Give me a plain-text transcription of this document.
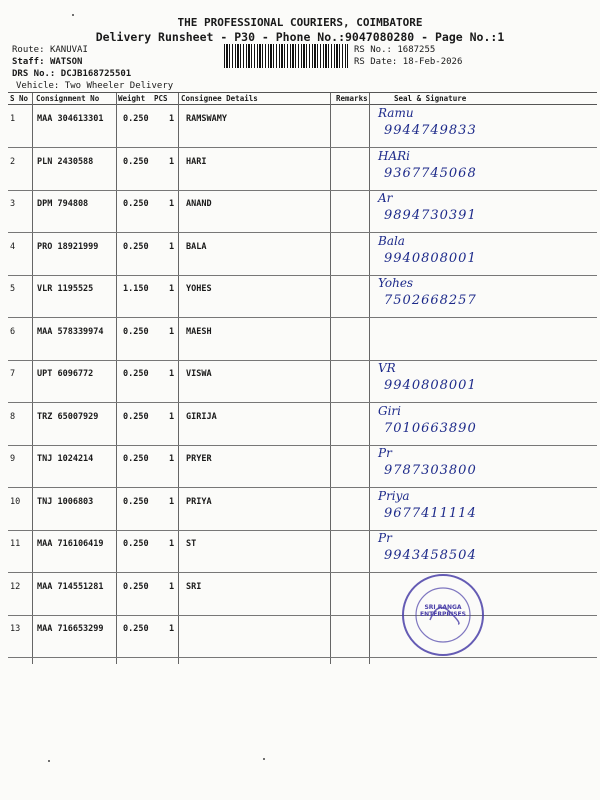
THE PROFESSIONAL COURIERS, COIMBATORE
Delivery Runsheet - P30 - Phone No.:9047080280 - Page No.:1
Route: KANUVAI
Staff: WATSON
DRS No.: DCJB168725501
Vehicle: Two Wheeler Delivery
RS No.: 1687255
RS Date: 18-Feb-2026
S No Consignment No	Weight PCS Consignee Details	Remarks	Seal & Signature
1	MAA 304613301 0.250 1 RAMSWAMY	Ramu
9944749833
2	PLN 2430588	0.250 1 HARI	HARi
9367745068
3	DPM 794808	0.250 1 ANAND	Ar
9894730391
4	PRO 18921999	0.250 1 BALA	Bala
9940808001
5	VLR 1195525	1.150 1 YOHES	Yohes
7502668257
6	MAA 578339974 0.250 1 MAESH
7	UPT 6096772	0.250 1 VISWA	VR
9940808001
8	TRZ 65007929	0.250 1 GIRIJA	Giri
7010663890
9	TNJ 1024214	0.250 1 PRYER	Pr
9787303800
10 TNJ 1006803	0.250 1 PRIYA	Priya
9677411114
11 MAA 716106419 0.250 1 ST	Pr
9943458504
12 MAA 714551281 0.250 1 SRI
13 MAA 716653299 0.250 1
SRI RANGA ENTERPRISES
